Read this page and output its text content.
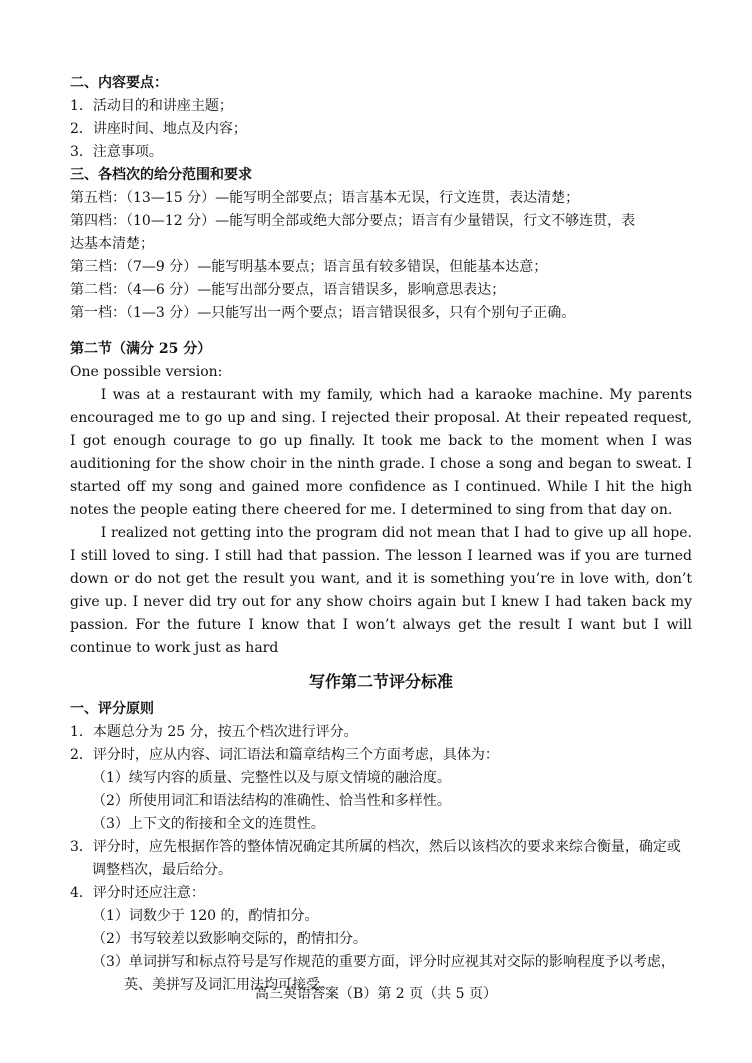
二、内容要点：
1．活动目的和讲座主题；
2．讲座时间、地点及内容；
3．注意事项。
三、各档次的给分范围和要求
第五档：（13—15 分）—能写明全部要点；语言基本无误，行文连贯，表达清楚；
第四档：（10—12 分）—能写明全部或绝大部分要点；语言有少量错误，行文不够连贯，表
达基本清楚；
第三档：（7—9 分）—能写明基本要点；语言虽有较多错误，但能基本达意；
第二档：（4—6 分）—能写出部分要点，语言错误多，影响意思表达；
第一档：（1—3 分）—只能写出一两个要点；语言错误很多，只有个别句子正确。
第二节（满分 25 分）
One possible version:

I was at a restaurant with my family, which had a karaoke machine. My parents encouraged me to go up and sing. I rejected their proposal. At their repeated request, I got enough courage to go up finally. It took me back to the moment when I was auditioning for the show choir in the ninth grade. I chose a song and began to sweat. I started off my song and gained more confidence as I continued. While I hit the high notes the people eating there cheered for me. I determined to sing from that day on.

I realized not getting into the program did not mean that I had to give up all hope. I still loved to sing. I still had that passion. The lesson I learned was if you are turned down or do not get the result you want, and it is something you’re in love with, don’t give up. I never did try out for any show choirs again but I knew I had taken back my passion. For the future I know that I won’t always get the result I want but I will continue to work just as hard

写作第二节评分标准
一、评分原则
1．本题总分为 25 分，按五个档次进行评分。
2．评分时，应从内容、词汇语法和篇章结构三个方面考虑，具体为：
（1）续写内容的质量、完整性以及与原文情境的融洽度。
（2）所使用词汇和语法结构的准确性、恰当性和多样性。
（3）上下文的衔接和全文的连贯性。
3．评分时，应先根据作答的整体情况确定其所属的档次，然后以该档次的要求来综合衡量，确定或调整档次，最后给分。
4．评分时还应注意：
（1）词数少于 120 的，酌情扣分。
（2）书写较差以致影响交际的，酌情扣分。
（3）单词拼写和标点符号是写作规范的重要方面，评分时应视其对交际的影响程度予以考虑，英、美拼写及词汇用法均可接受。
高三英语答案（B）第 2 页（共 5 页）
